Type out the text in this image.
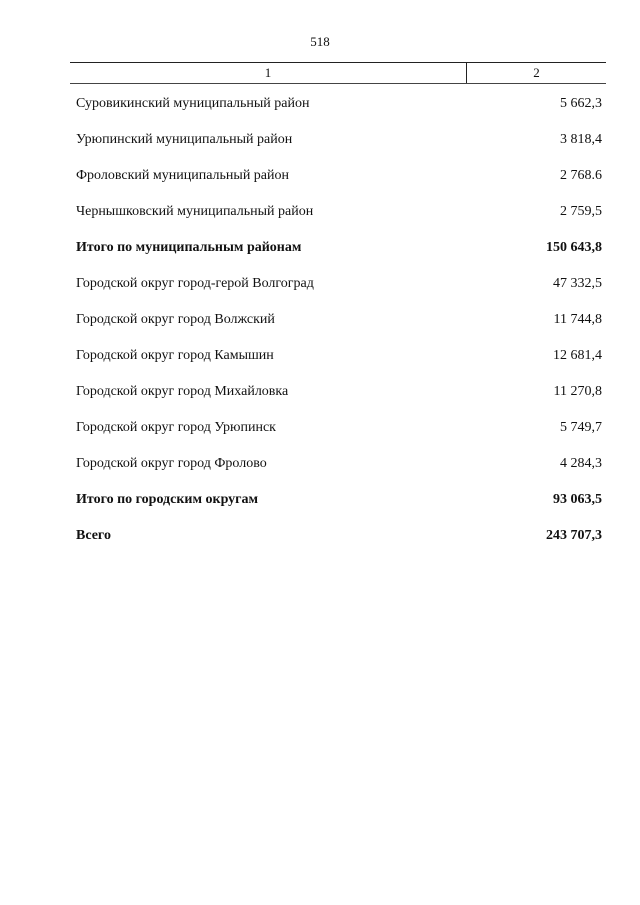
518
1	2
Суровикинский муниципальный район	5 662,3
Урюпинский муниципальный район	3 818,4
Фроловский муниципальный район	2 768.6
Чернышковский муниципальный район	2 759,5
Итого по муниципальным районам	150 643,8
Городской округ город-герой Волгоград	47 332,5
Городской округ город Волжский	11 744,8
Городской округ город Камышин	12 681,4
Городской округ город Михайловка	11 270,8
Городской округ город Урюпинск	5 749,7
Городской округ город Фролово	4 284,3
Итого по городским округам	93 063,5
Всего	243 707,3
